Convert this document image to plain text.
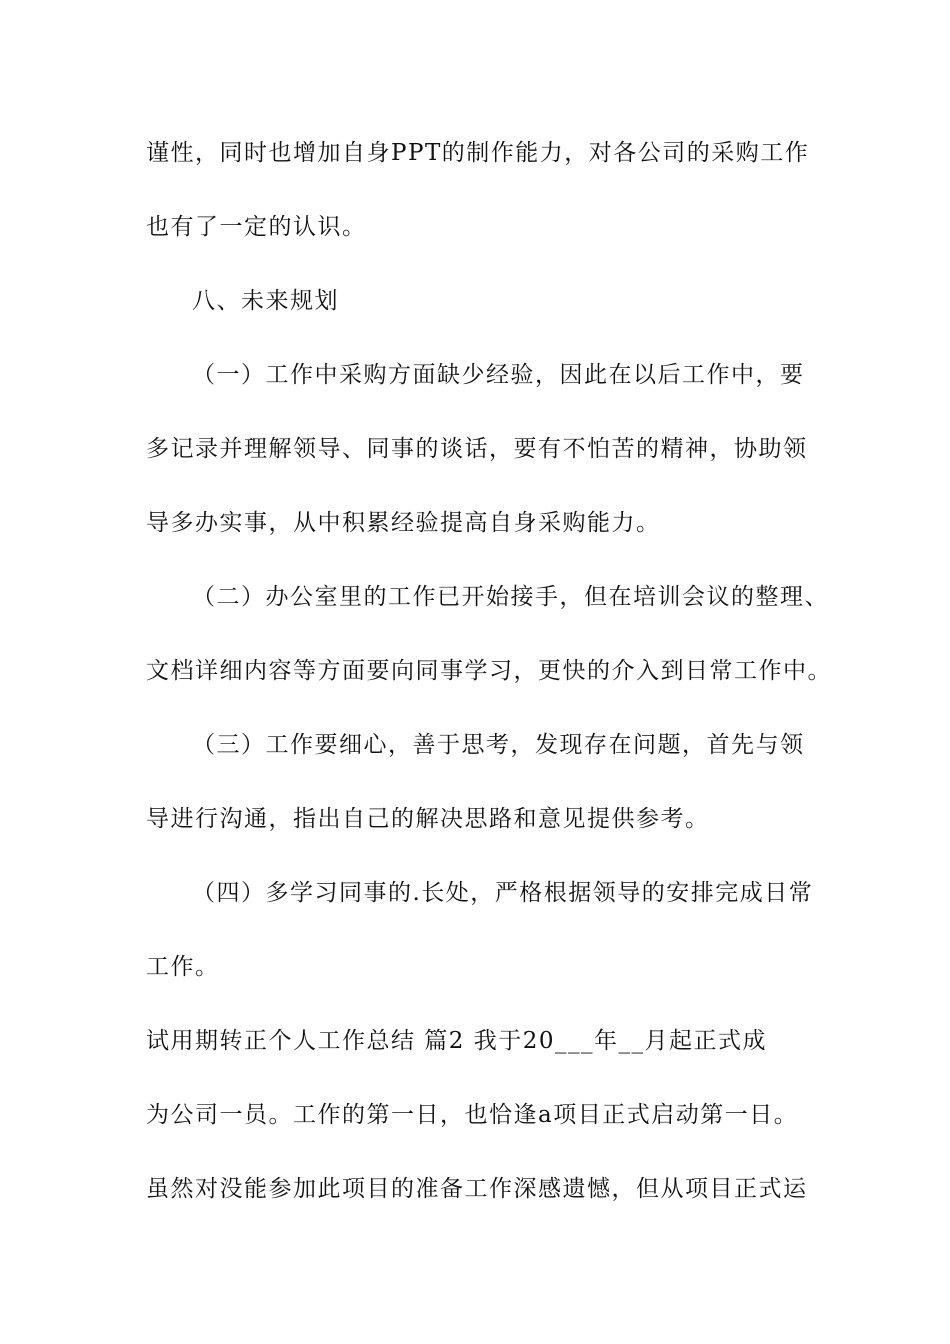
谨性，同时也增加自身PPT的制作能力，对各公司的采购工作
也有了一定的认识。
八、未来规划
（一）工作中采购方面缺少经验，因此在以后工作中，要
多记录并理解领导、同事的谈话，要有不怕苦的精神，协助领
导多办实事，从中积累经验提高自身采购能力。
（二）办公室里的工作已开始接手，但在培训会议的整理、
文档详细内容等方面要向同事学习，更快的介入到日常工作中。
（三）工作要细心，善于思考，发现存在问题，首先与领
导进行沟通，指出自己的解决思路和意见提供参考。
（四）多学习同事的.长处，严格根据领导的安排完成日常
工作。
试用期转正个人工作总结 篇2 我于20___年__月起正式成
为公司一员。工作的第一日，也恰逢a项目正式启动第一日。
虽然对没能参加此项目的准备工作深感遗憾，但从项目正式运
